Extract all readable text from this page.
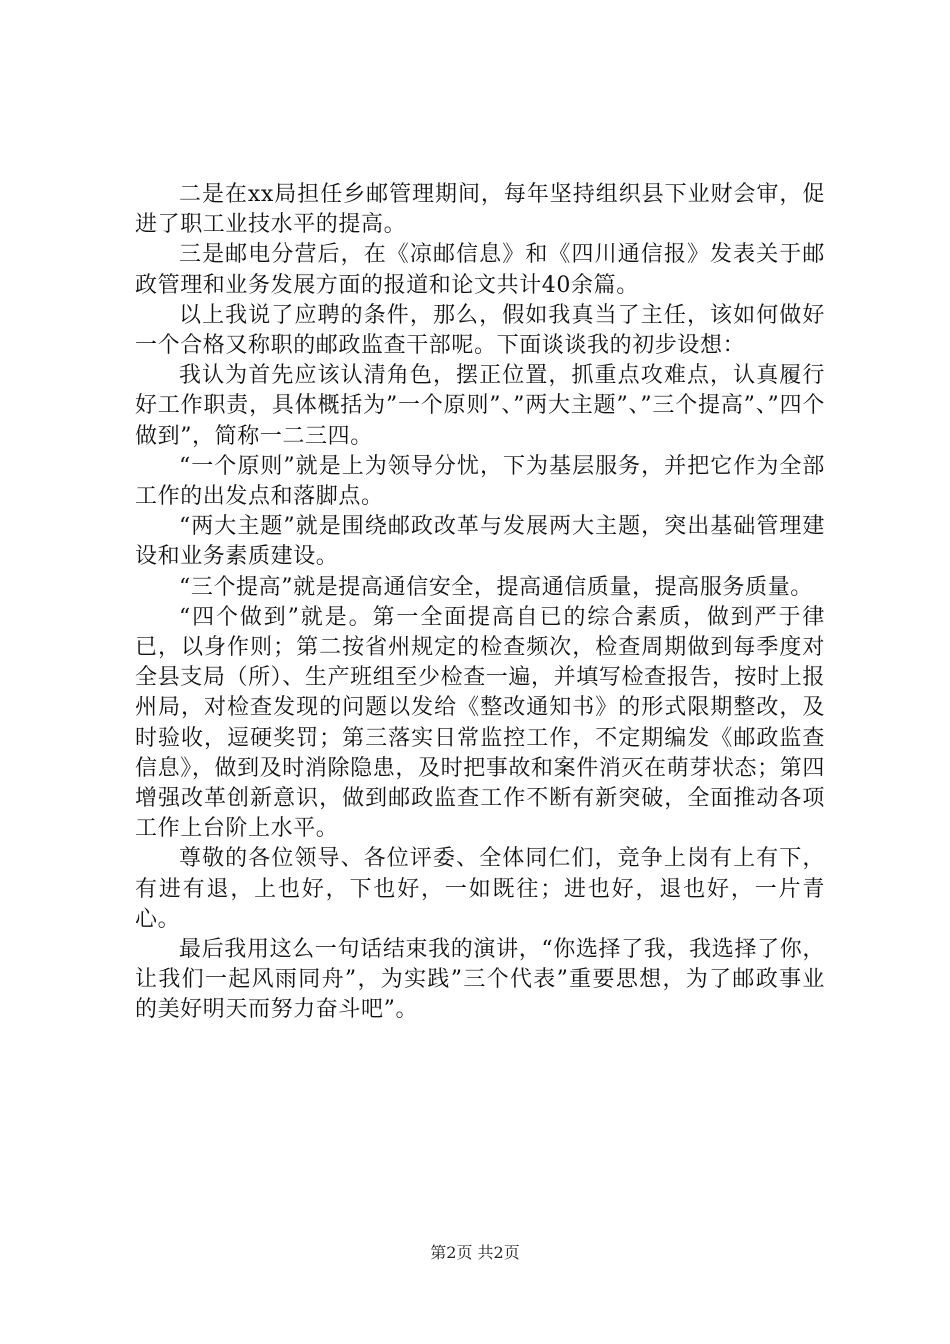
二是在xx局担任乡邮管理期间，每年坚持组织县下业财会审，促进了职工业技水平的提高。

三是邮电分营后，在《凉邮信息》和《四川通信报》发表关于邮政管理和业务发展方面的报道和论文共计40余篇。

以上我说了应聘的条件，那么，假如我真当了主任，该如何做好一个合格又称职的邮政监查干部呢。下面谈谈我的初步设想：

我认为首先应该认清角色，摆正位置，抓重点攻难点，认真履行好工作职责，具体概括为”一个原则”、”两大主题”、”三个提高”、”四个做到”，简称一二三四。

“一个原则”就是上为领导分忧，下为基层服务，并把它作为全部工作的出发点和落脚点。

“两大主题”就是围绕邮政改革与发展两大主题，突出基础管理建设和业务素质建设。

“三个提高”就是提高通信安全，提高通信质量，提高服务质量。

“四个做到”就是。第一全面提高自已的综合素质，做到严于律已，以身作则；第二按省州规定的检查频次，检查周期做到每季度对全县支局（所）、生产班组至少检查一遍，并填写检查报告，按时上报州局，对检查发现的问题以发给《整改通知书》的形式限期整改，及时验收，逗硬奖罚；第三落实日常监控工作，不定期编发《邮政监查信息》，做到及时消除隐患，及时把事故和案件消灭在萌芽状态；第四增强改革创新意识，做到邮政监查工作不断有新突破，全面推动各项工作上台阶上水平。

尊敬的各位领导、各位评委、全体同仁们，竞争上岗有上有下，有进有退，上也好，下也好，一如既往；进也好，退也好，一片青心。

最后我用这么一句话结束我的演讲，“你选择了我，我选择了你，让我们一起风雨同舟”，为实践”三个代表”重要思想，为了邮政事业的美好明天而努力奋斗吧”。

第2页 共2页
